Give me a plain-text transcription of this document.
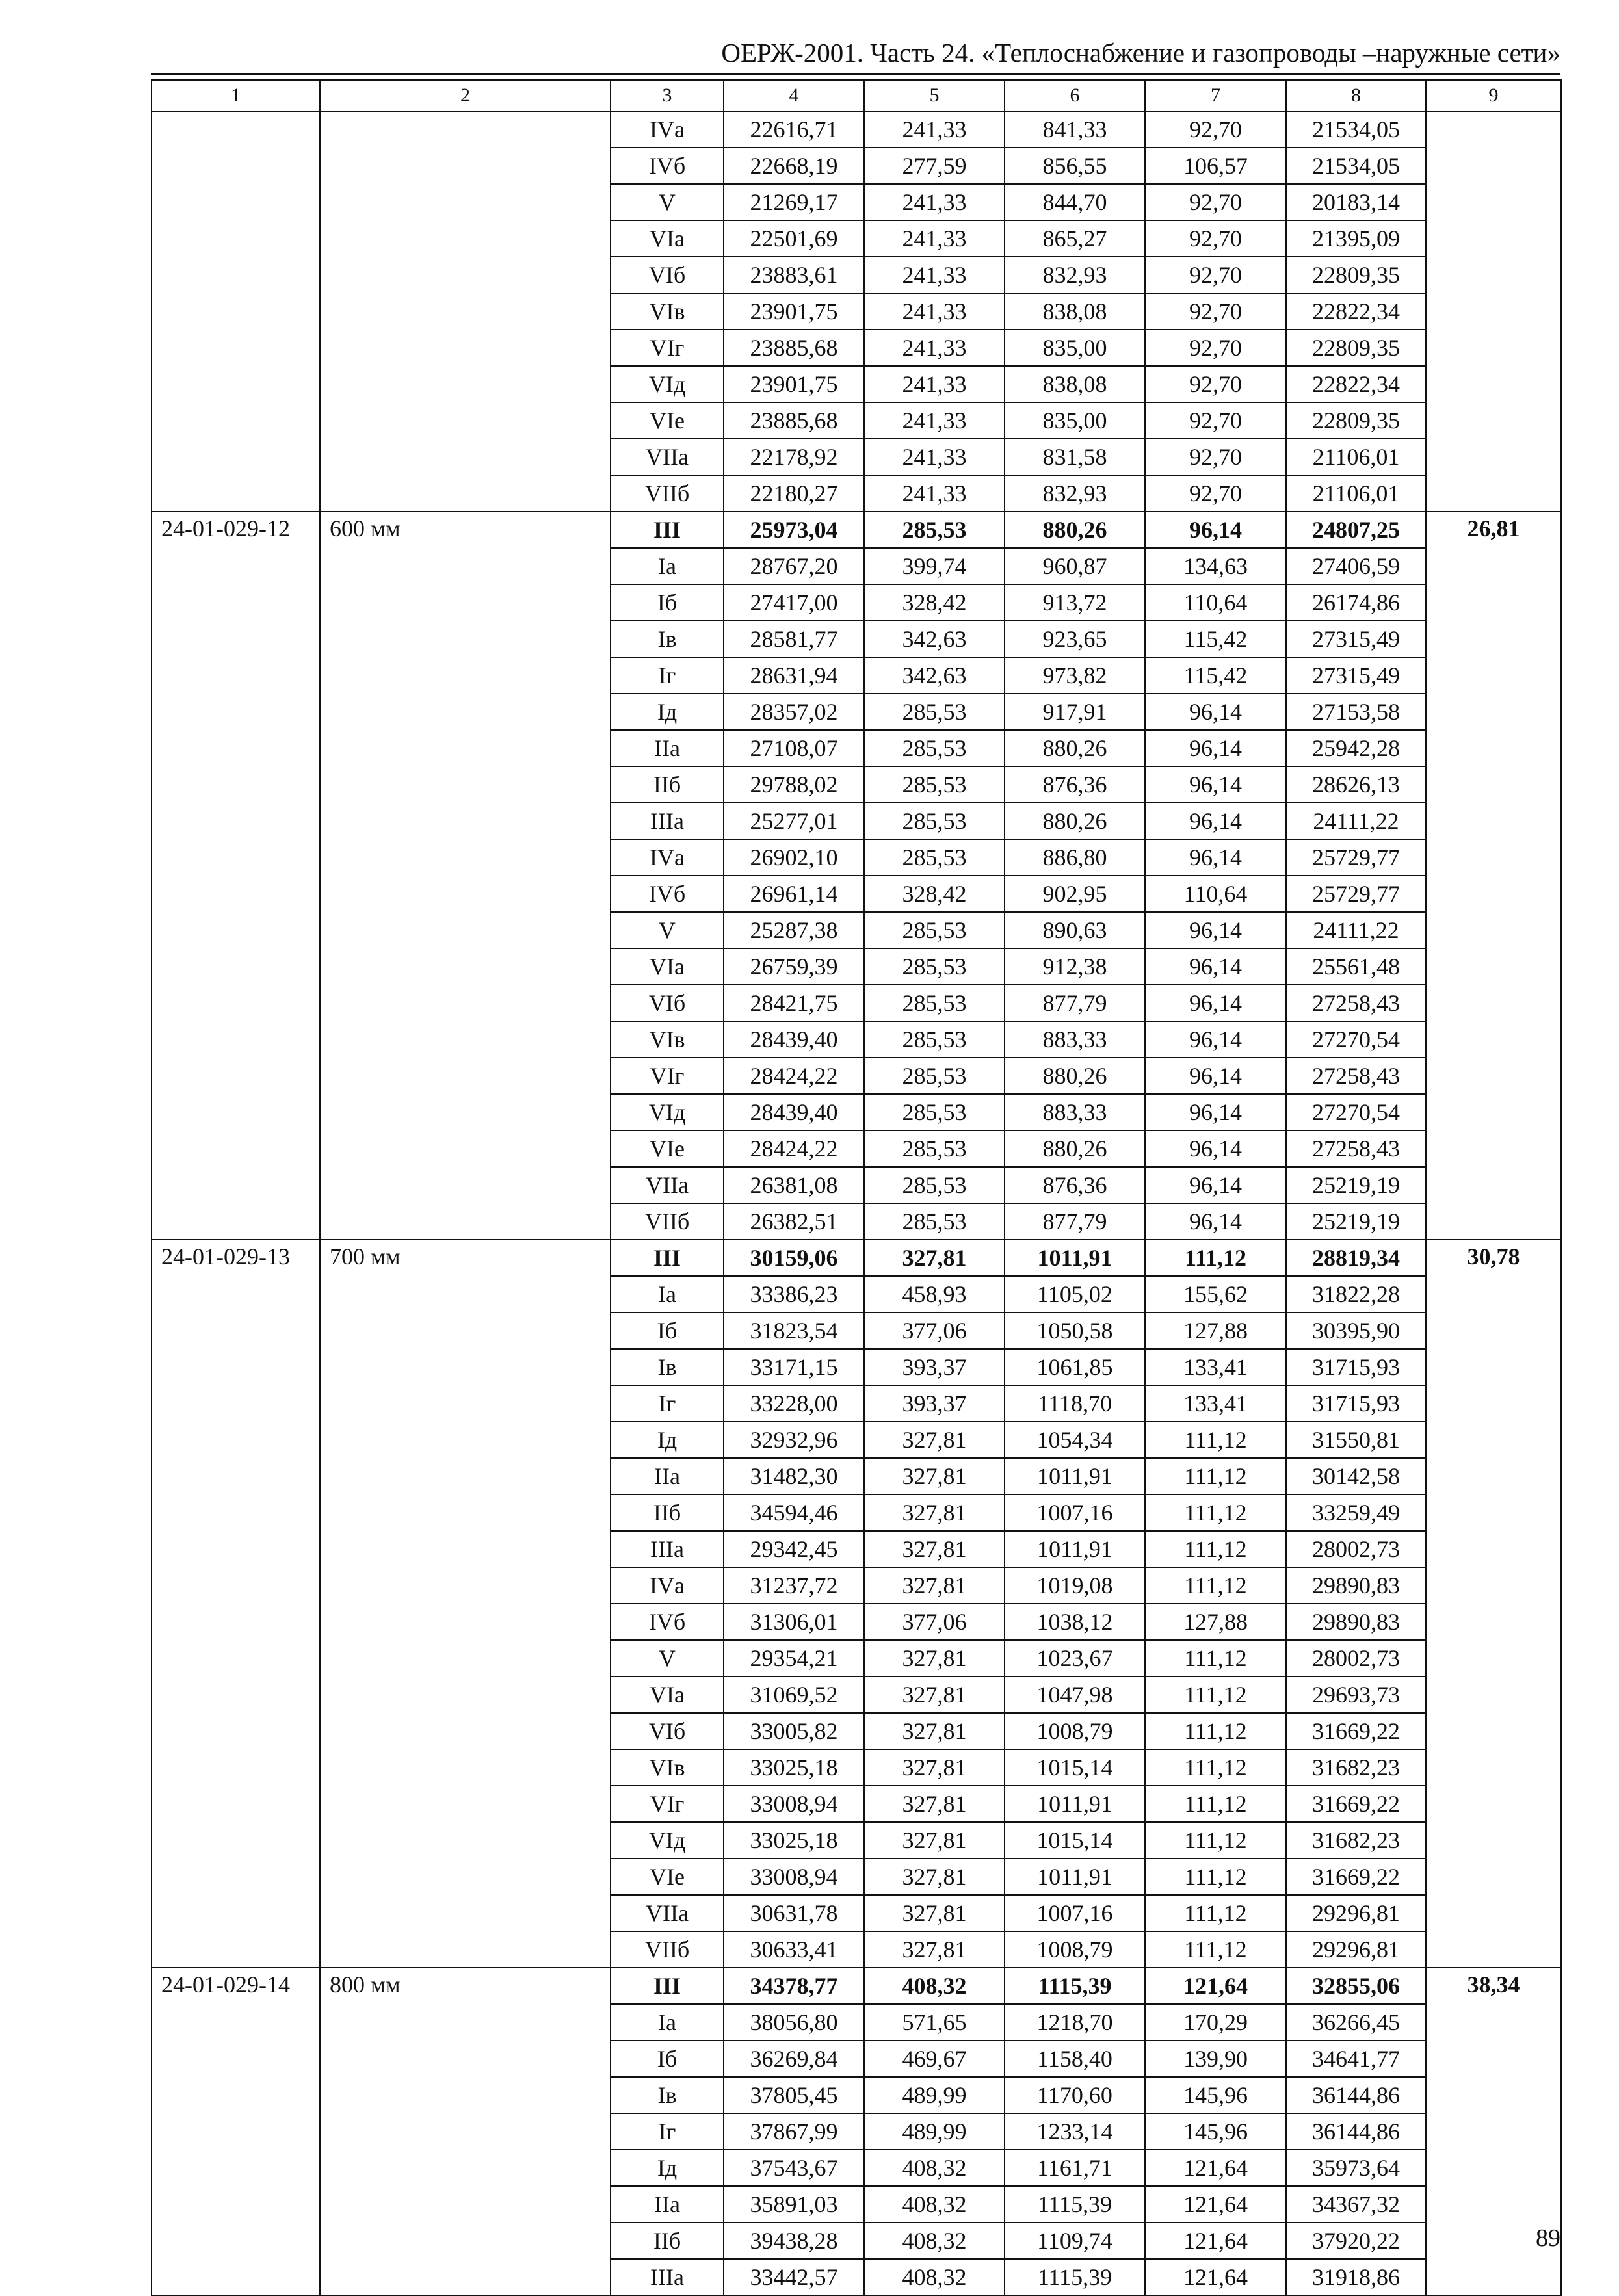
ОЕРЖ-2001. Часть 24. «Теплоснабжение и газопроводы –наружные сети»
1	2	3	4	5	6	7	8	9
		IVа	22616,71	241,33	841,33	92,70	21534,05	
		IVб	22668,19	277,59	856,55	106,57	21534,05	
		V	21269,17	241,33	844,70	92,70	20183,14	
		VIа	22501,69	241,33	865,27	92,70	21395,09	
		VIб	23883,61	241,33	832,93	92,70	22809,35	
		VIв	23901,75	241,33	838,08	92,70	22822,34	
		VIг	23885,68	241,33	835,00	92,70	22809,35	
		VIд	23901,75	241,33	838,08	92,70	22822,34	
		VIе	23885,68	241,33	835,00	92,70	22809,35	
		VIIа	22178,92	241,33	831,58	92,70	21106,01	
		VIIб	22180,27	241,33	832,93	92,70	21106,01	
24-01-029-12	600 мм	III	25973,04	285,53	880,26	96,14	24807,25	26,81
		Iа	28767,20	399,74	960,87	134,63	27406,59	
		Iб	27417,00	328,42	913,72	110,64	26174,86	
		Iв	28581,77	342,63	923,65	115,42	27315,49	
		Iг	28631,94	342,63	973,82	115,42	27315,49	
		Iд	28357,02	285,53	917,91	96,14	27153,58	
		IIа	27108,07	285,53	880,26	96,14	25942,28	
		IIб	29788,02	285,53	876,36	96,14	28626,13	
		IIIа	25277,01	285,53	880,26	96,14	24111,22	
		IVа	26902,10	285,53	886,80	96,14	25729,77	
		IVб	26961,14	328,42	902,95	110,64	25729,77	
		V	25287,38	285,53	890,63	96,14	24111,22	
		VIа	26759,39	285,53	912,38	96,14	25561,48	
		VIб	28421,75	285,53	877,79	96,14	27258,43	
		VIв	28439,40	285,53	883,33	96,14	27270,54	
		VIг	28424,22	285,53	880,26	96,14	27258,43	
		VIд	28439,40	285,53	883,33	96,14	27270,54	
		VIе	28424,22	285,53	880,26	96,14	27258,43	
		VIIа	26381,08	285,53	876,36	96,14	25219,19	
		VIIб	26382,51	285,53	877,79	96,14	25219,19	
24-01-029-13	700 мм	III	30159,06	327,81	1011,91	111,12	28819,34	30,78
		Iа	33386,23	458,93	1105,02	155,62	31822,28	
		Iб	31823,54	377,06	1050,58	127,88	30395,90	
		Iв	33171,15	393,37	1061,85	133,41	31715,93	
		Iг	33228,00	393,37	1118,70	133,41	31715,93	
		Iд	32932,96	327,81	1054,34	111,12	31550,81	
		IIа	31482,30	327,81	1011,91	111,12	30142,58	
		IIб	34594,46	327,81	1007,16	111,12	33259,49	
		IIIа	29342,45	327,81	1011,91	111,12	28002,73	
		IVа	31237,72	327,81	1019,08	111,12	29890,83	
		IVб	31306,01	377,06	1038,12	127,88	29890,83	
		V	29354,21	327,81	1023,67	111,12	28002,73	
		VIа	31069,52	327,81	1047,98	111,12	29693,73	
		VIб	33005,82	327,81	1008,79	111,12	31669,22	
		VIв	33025,18	327,81	1015,14	111,12	31682,23	
		VIг	33008,94	327,81	1011,91	111,12	31669,22	
		VIд	33025,18	327,81	1015,14	111,12	31682,23	
		VIе	33008,94	327,81	1011,91	111,12	31669,22	
		VIIа	30631,78	327,81	1007,16	111,12	29296,81	
		VIIб	30633,41	327,81	1008,79	111,12	29296,81	
24-01-029-14	800 мм	III	34378,77	408,32	1115,39	121,64	32855,06	38,34
		Iа	38056,80	571,65	1218,70	170,29	36266,45	
		Iб	36269,84	469,67	1158,40	139,90	34641,77	
		Iв	37805,45	489,99	1170,60	145,96	36144,86	
		Iг	37867,99	489,99	1233,14	145,96	36144,86	
		Iд	37543,67	408,32	1161,71	121,64	35973,64	
		IIа	35891,03	408,32	1115,39	121,64	34367,32	
		IIб	39438,28	408,32	1109,74	121,64	37920,22	
		IIIа	33442,57	408,32	1115,39	121,64	31918,86	
89
